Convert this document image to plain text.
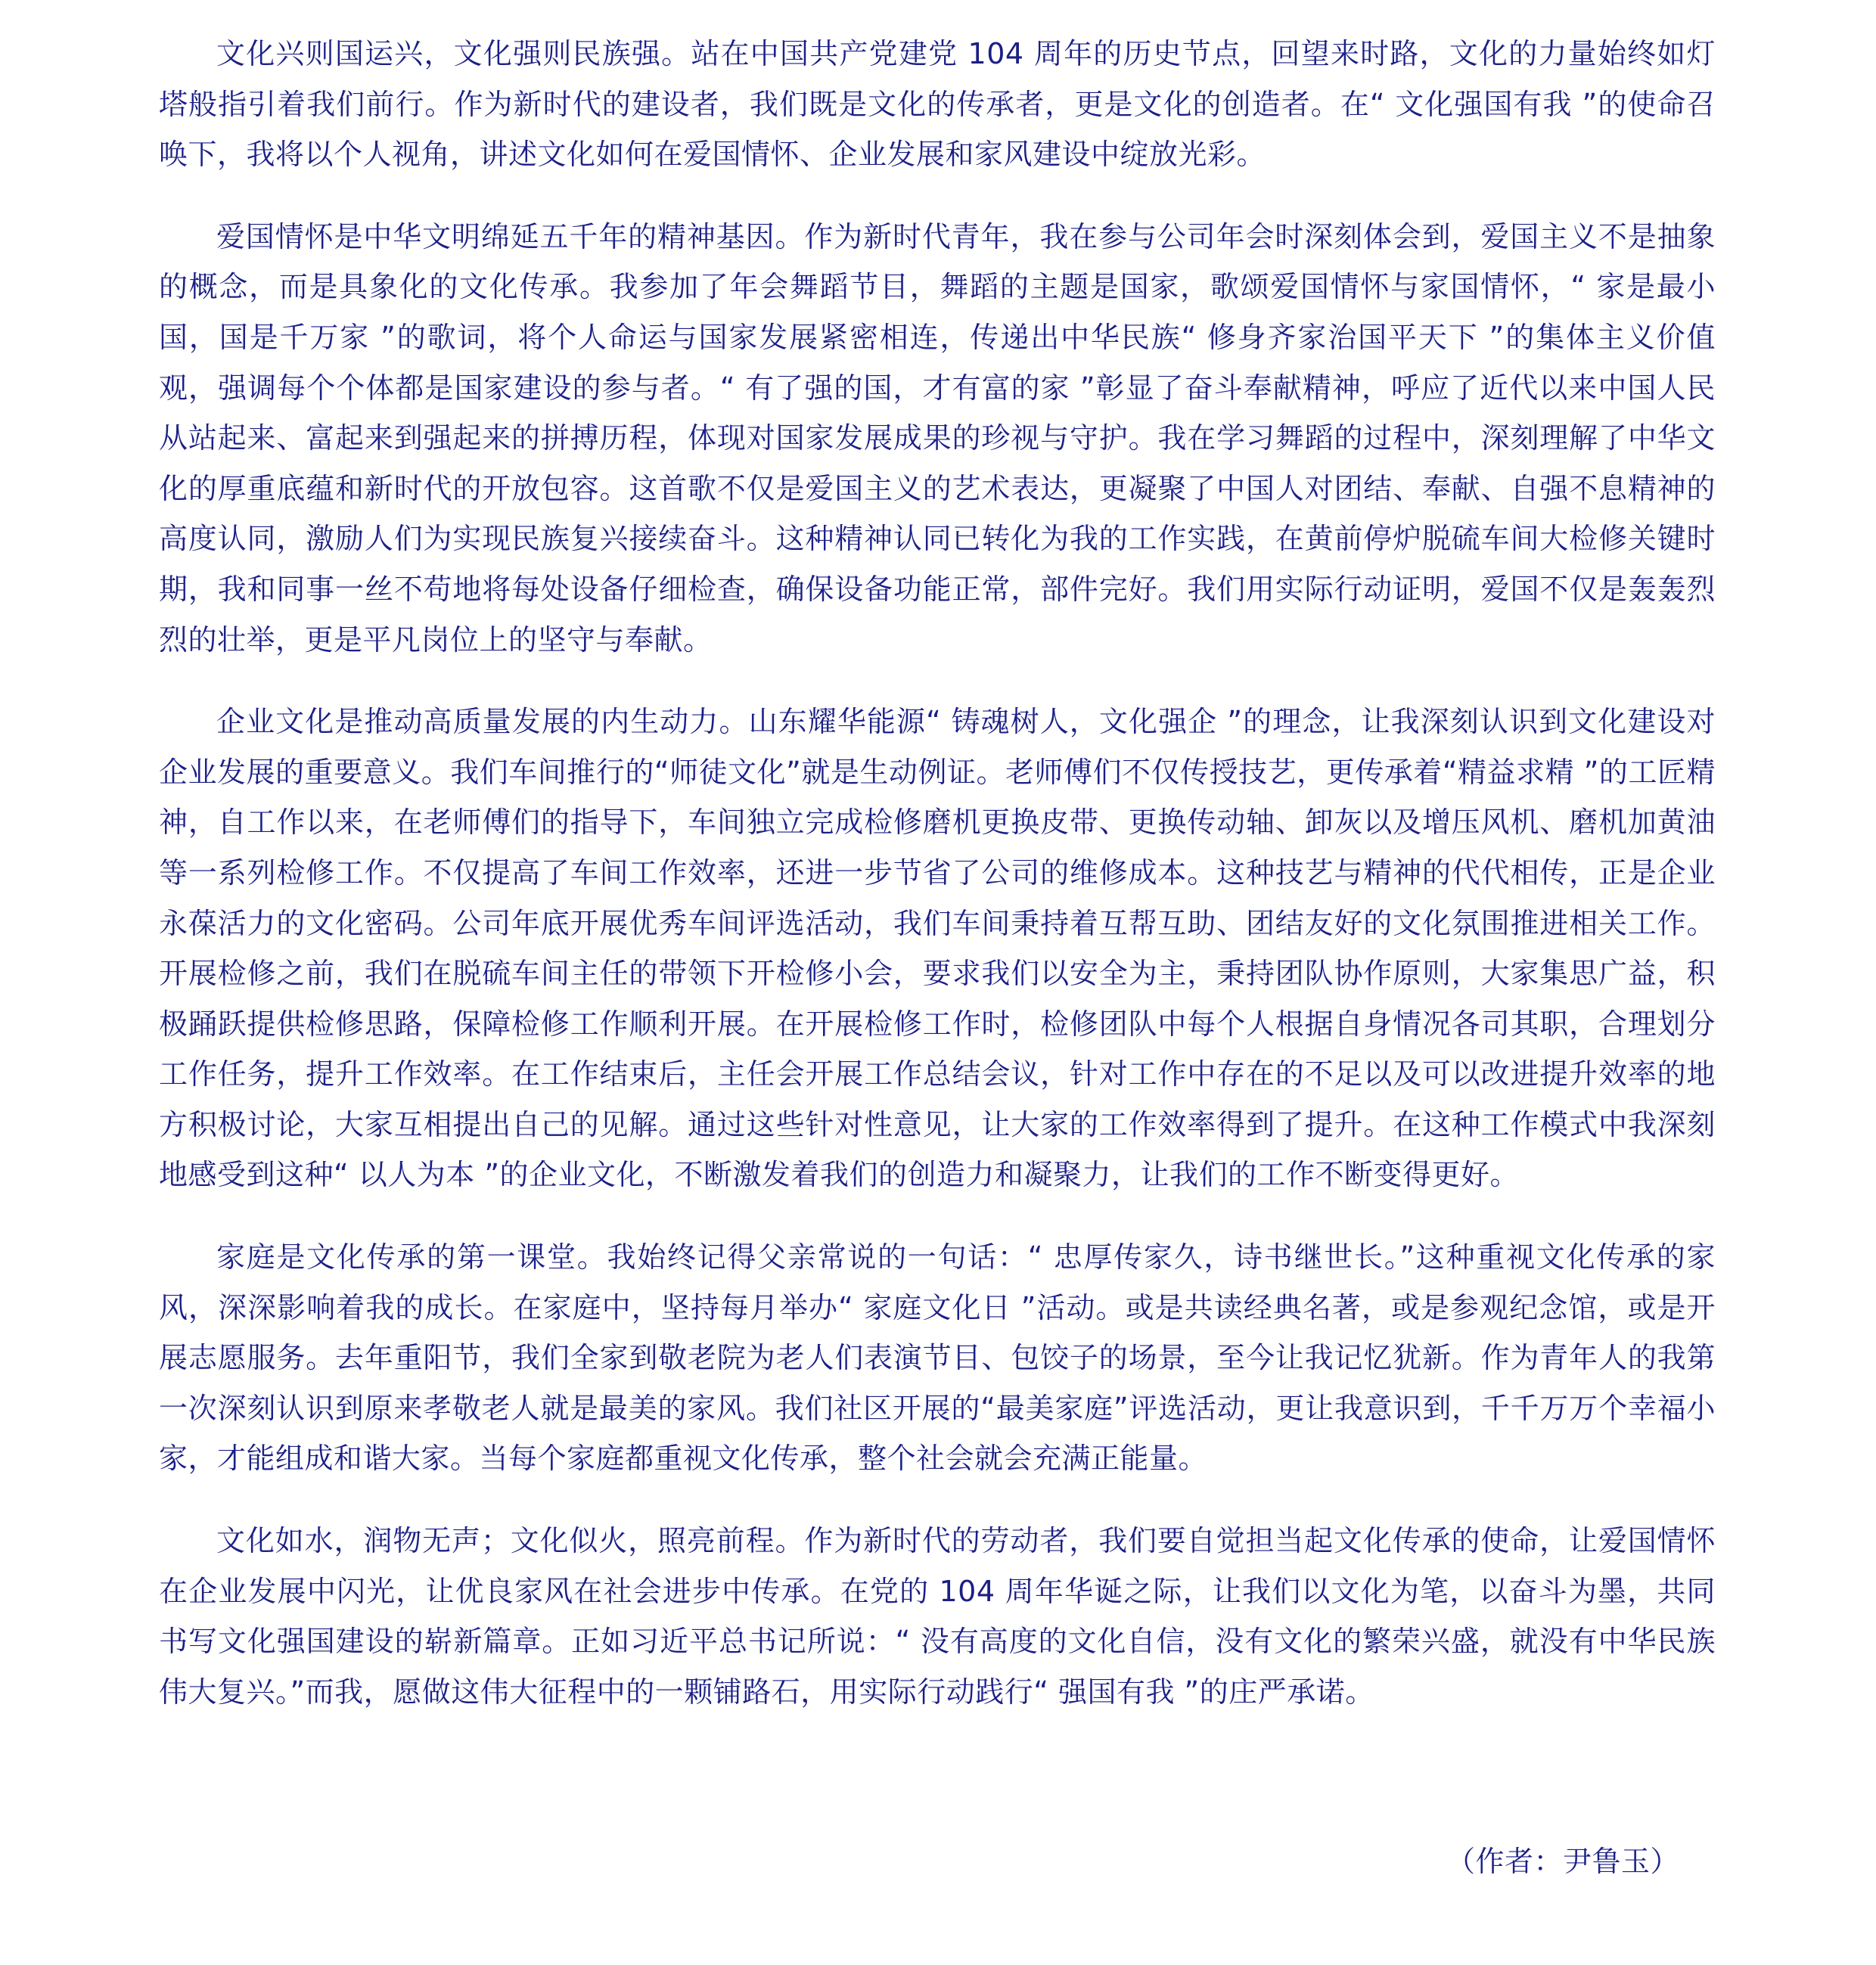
文化兴则国运兴，文化强则民族强。站在中国共产党建党 104 周年的历史节点，回望来时路，文化的力量始终如灯塔般指引着我们前行。作为新时代的建设者，我们既是文化的传承者，更是文化的创造者。在“ 文化强国有我 ”的使命召唤下，我将以个人视角，讲述文化如何在爱国情怀、企业发展和家风建设中绽放光彩。

爱国情怀是中华文明绵延五千年的精神基因。作为新时代青年，我在参与公司年会时深刻体会到，爱国主义不是抽象的概念，而是具象化的文化传承。我参加了年会舞蹈节目，舞蹈的主题是国家，歌颂爱国情怀与家国情怀，“ 家是最小国，国是千万家 ”的歌词，将个人命运与国家发展紧密相连，传递出中华民族“ 修身齐家治国平天下 ”的集体主义价值观，强调每个个体都是国家建设的参与者。“ 有了强的国，才有富的家 ”彰显了奋斗奉献精神，呼应了近代以来中国人民从站起来、富起来到强起来的拼搏历程，体现对国家发展成果的珍视与守护。我在学习舞蹈的过程中，深刻理解了中华文化的厚重底蕴和新时代的开放包容。这首歌不仅是爱国主义的艺术表达，更凝聚了中国人对团结、奉献、自强不息精神的高度认同，激励人们为实现民族复兴接续奋斗。这种精神认同已转化为我的工作实践，在黄前停炉脱硫车间大检修关键时期，我和同事一丝不苟地将每处设备仔细检查，确保设备功能正常，部件完好。我们用实际行动证明，爱国不仅是轰轰烈烈的壮举，更是平凡岗位上的坚守与奉献。

企业文化是推动高质量发展的内生动力。山东耀华能源“ 铸魂树人，文化强企 ”的理念，让我深刻认识到文化建设对企业发展的重要意义。我们车间推行的“师徒文化”就是生动例证。老师傅们不仅传授技艺，更传承着“精益求精 ”的工匠精神，自工作以来，在老师傅们的指导下，车间独立完成检修磨机更换皮带、更换传动轴、卸灰以及增压风机、磨机加黄油等一系列检修工作。不仅提高了车间工作效率，还进一步节省了公司的维修成本。这种技艺与精神的代代相传，正是企业永葆活力的文化密码。公司年底开展优秀车间评选活动，我们车间秉持着互帮互助、团结友好的文化氛围推进相关工作。开展检修之前，我们在脱硫车间主任的带领下开检修小会，要求我们以安全为主，秉持团队协作原则，大家集思广益，积极踊跃提供检修思路，保障检修工作顺利开展。在开展检修工作时，检修团队中每个人根据自身情况各司其职，合理划分工作任务，提升工作效率。在工作结束后，主任会开展工作总结会议，针对工作中存在的不足以及可以改进提升效率的地方积极讨论，大家互相提出自己的见解。通过这些针对性意见，让大家的工作效率得到了提升。在这种工作模式中我深刻地感受到这种“ 以人为本 ”的企业文化，不断激发着我们的创造力和凝聚力，让我们的工作不断变得更好。

家庭是文化传承的第一课堂。我始终记得父亲常说的一句话：“ 忠厚传家久，诗书继世长。”这种重视文化传承的家风，深深影响着我的成长。在家庭中，坚持每月举办“ 家庭文化日 ”活动。或是共读经典名著，或是参观纪念馆，或是开展志愿服务。去年重阳节，我们全家到敬老院为老人们表演节目、包饺子的场景，至今让我记忆犹新。作为青年人的我第一次深刻认识到原来孝敬老人就是最美的家风。我们社区开展的“最美家庭”评选活动，更让我意识到，千千万万个幸福小家，才能组成和谐大家。当每个家庭都重视文化传承，整个社会就会充满正能量。

文化如水，润物无声；文化似火，照亮前程。作为新时代的劳动者，我们要自觉担当起文化传承的使命，让爱国情怀在企业发展中闪光，让优良家风在社会进步中传承。在党的 104 周年华诞之际，让我们以文化为笔，以奋斗为墨，共同书写文化强国建设的崭新篇章。正如习近平总书记所说：“ 没有高度的文化自信，没有文化的繁荣兴盛，就没有中华民族伟大复兴。”而我，愿做这伟大征程中的一颗铺路石，用实际行动践行“ 强国有我 ”的庄严承诺。

（作者：尹鲁玉）
